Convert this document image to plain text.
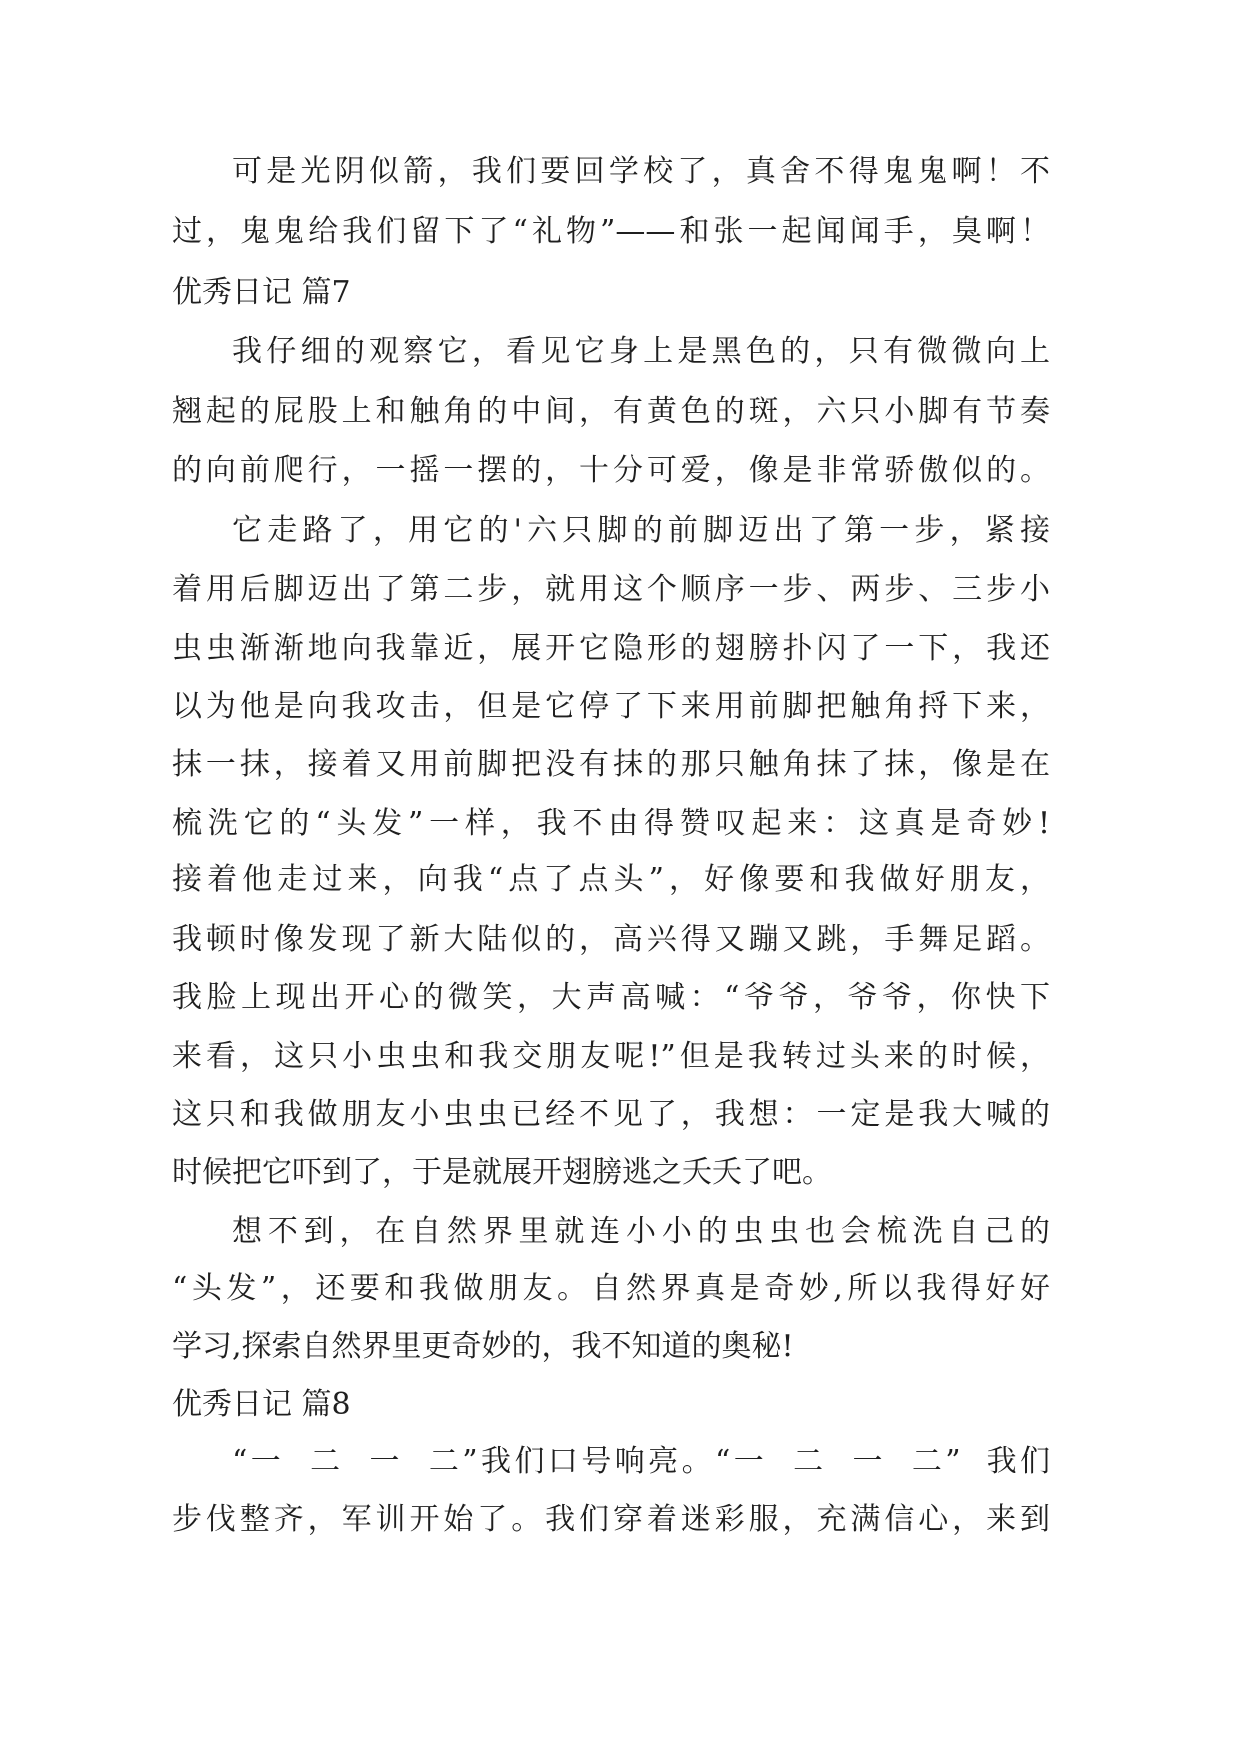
可是光阴似箭，我们要回学校了，真舍不得鬼鬼啊！不
过，鬼鬼给我们留下了“礼物”——和张一起闻闻手，臭啊！
优秀日记 篇7
我仔细的观察它，看见它身上是黑色的，只有微微向上
翘起的屁股上和触角的中间，有黄色的斑，六只小脚有节奏
的向前爬行，一摇一摆的，十分可爱，像是非常骄傲似的。
它走路了，用它的'六只脚的前脚迈出了第一步，紧接
着用后脚迈出了第二步，就用这个顺序一步、两步、三步小
虫虫渐渐地向我靠近，展开它隐形的翅膀扑闪了一下，我还
以为他是向我攻击，但是它停了下来用前脚把触角捋下来，
抹一抹，接着又用前脚把没有抹的那只触角抹了抹，像是在
梳洗它的“头发”一样，我不由得赞叹起来：这真是奇妙!
接着他走过来，向我“点了点头”，好像要和我做好朋友，
我顿时像发现了新大陆似的，高兴得又蹦又跳，手舞足蹈。
我脸上现出开心的微笑，大声高喊：“爷爷，爷爷，你快下
来看，这只小虫虫和我交朋友呢!”但是我转过头来的时候，
这只和我做朋友小虫虫已经不见了，我想：一定是我大喊的
时候把它吓到了，于是就展开翅膀逃之夭夭了吧。
想不到，在自然界里就连小小的虫虫也会梳洗自己的
“头发”，还要和我做朋友。自然界真是奇妙,所以我得好好
学习,探索自然界里更奇妙的，我不知道的奥秘!
优秀日记 篇8
“一  二  一  二”我们口号响亮。“一  二  一  二”  我们
步伐整齐，军训开始了。我们穿着迷彩服，充满信心，来到
